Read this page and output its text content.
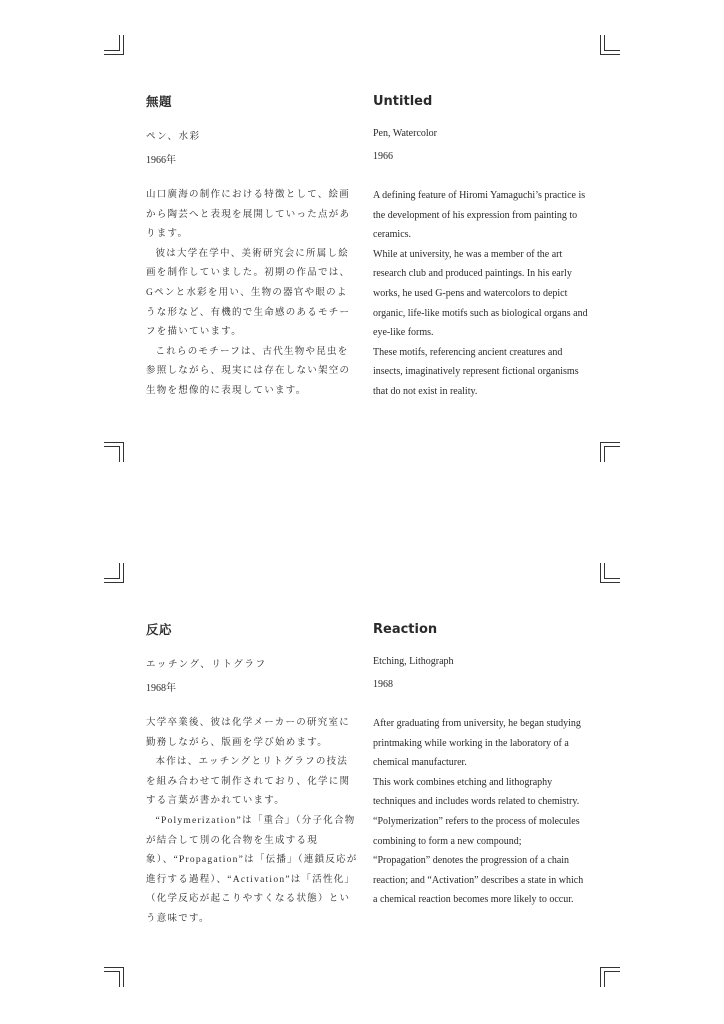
無題
ペン、水彩
1966年

山口廣海の制作における特徴として、絵画から陶芸へと表現を展開していった点があります。

彼は大学在学中、美術研究会に所属し絵画を制作していました。初期の作品では、Gペンと水彩を用い、生物の器官や眼のような形など、有機的で生命感のあるモチーフを描いています。

これらのモチーフは、古代生物や昆虫を参照しながら、現実には存在しない架空の生物を想像的に表現しています。

Untitled
Pen, Watercolor
1966

A defining feature of Hiromi Yamaguchi’s practice is the development of his expression from painting to ceramics.

While at university, he was a member of the art research club and produced paintings. In his early works, he used G-pens and watercolors to depict organic, life-like motifs such as biological organs and eye-like forms.

These motifs, referencing ancient creatures and insects, imaginatively represent fictional organisms that do not exist in reality.

反応
エッチング、リトグラフ
1968年

大学卒業後、彼は化学メーカーの研究室に勤務しながら、版画を学び始めます。

本作は、エッチングとリトグラフの技法を組み合わせて制作されており、化学に関する言葉が書かれています。

“Polymerization”は「重合」（分子化合物が結合して別の化合物を生成する現象）、“Propagation”は「伝播」（連鎖反応が進行する過程）、“Activation”は「活性化」（化学反応が起こりやすくなる状態）という意味です。

Reaction
Etching, Lithograph
1968

After graduating from university, he began studying printmaking while working in the laboratory of a chemical manufacturer.

This work combines etching and lithography techniques and includes words related to chemistry.

“Polymerization” refers to the process of molecules combining to form a new compound;

“Propagation” denotes the progression of a chain reaction; and “Activation” describes a state in which a chemical reaction becomes more likely to occur.
